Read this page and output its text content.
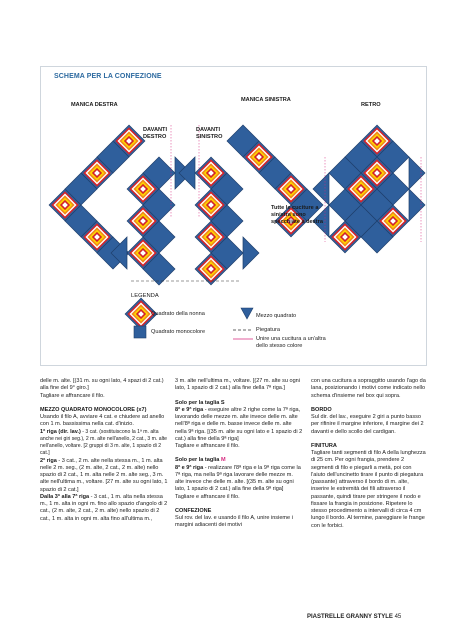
SCHEMA PER LA CONFEZIONE
MANICA DESTRA
MANICA SINISTRA
RETRO
DAVANTI
DESTRO
DAVANTI
SINISTRO
Tutte le cuciture a
sinistra sono
specchiate a destra
LEGENDA
Quadrato della nonna
Quadrato monocolore
Mezzo quadrato
Piegatura
Unire una cucitura a un'altra
dello stesso colore

delle m. alte. [(31 m. su ogni lato, 4 spazi di 2 cat.) alla fine del 9° giro.]

Tagliare e affrancare il filo.

MEZZO QUADRATO MONOCOLORE (x7)

Usando il filo A, avviare 4 cat. e chiudere ad anello con 1 m. bassissima nella cat. d'inizio.

1ª riga (dir. lav.) - 3 cat. (sostituiscono la 1ª m. alta anche nei giri seg.), 2 m. alte nell'anello, 2 cat., 3 m. alte nell'anello, voltare. [2 gruppi di 3 m. alte, 1 spazio di 2 cat.]

2ª riga - 3 cat., 2 m. alte nella stessa m., 1 m. alta nelle 2 m. seg., (2 m. alte, 2 cat., 2 m. alte) nello spazio di 2 cat., 1 m. alta nelle 2 m. alte seg., 3 m. alte nell'ultima m., voltare. [27 m. alte su ogni lato, 1 spazio di 2 cat.]

Dalla 3ª alla 7ª riga - 3 cat., 1 m. alta nella stessa m., 1 m. alta in ogni m. fino allo spazio d'angolo di 2 cat., (2 m. alte, 2 cat., 2 m. alte) nello spazio di 2 cat., 1 m. alta in ogni m. alta fino all'ultima m.,

3 m. alte nell'ultima m., voltare. [(27 m. alte su ogni lato, 1 spazio di 2 cat.) alla fine della 7ª riga.]

Solo per la taglia S

8ª e 9ª riga - eseguire altre 2 righe come la 7ª riga, lavorando delle mezze m. alte invece delle m. alte nell'8ª riga e delle m. basse invece delle m. alte nella 9ª riga. [(35 m. alte su ogni lato e 1 spazio di 2 cat.) alla fine della 9ª riga]

Tagliare e affrancare il filo.

Solo per la taglia M

8ª e 9ª riga - realizzare l'8ª riga e la 9ª riga come la 7ª riga, ma nella 9ª riga lavorare delle mezze m. alte invece che delle m. alte. [(35 m. alte su ogni lato, 1 spazio di 2 cat.) alla fine della 9ª riga]

Tagliare e affrancare il filo.

CONFEZIONE

Sul rov. del lav. e usando il filo A, unire insieme i margini adiacenti dei motivi

con una cucitura a sopraggitto usando l'ago da lana, posizionando i motivi come indicato nello schema d'insieme nel box qui sopra.

BORDO

Sul dir. del lav., eseguire 2 giri a punto basso per rifinire il margine inferiore, il margine dei 2 davanti e dello scollo del cardigan.

FINITURA

Tagliare tanti segmenti di filo A della lunghezza di 25 cm. Per ogni frangia, prendere 2 segmenti di filo e piegarli a metà, poi con l'aiuto dell'uncinetto tirare il punto di piegatura (passante) attraverso il bordo di m. alte, inserire le estremità dei fili attraverso il passante, quindi tirare per stringere il nodo e fissare la frangia in posizione. Ripetere lo stesso procedimento a intervalli di circa 4 cm lungo il bordo. Al termine, pareggiare le frange con le forbici.

PIASTRELLE GRANNY STYLE 45
